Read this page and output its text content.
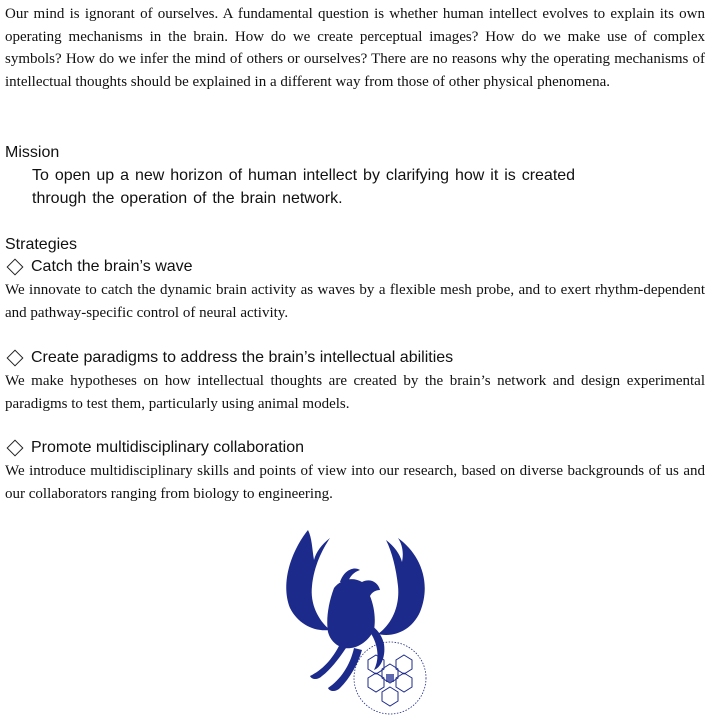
Our mind is ignorant of ourselves. A fundamental question is whether human intellect evolves to explain its own operating mechanisms in the brain. How do we create perceptual images? How do we make use of complex symbols? How do we infer the mind of others or ourselves? There are no reasons why the operating mechanisms of intellectual thoughts should be explained in a different way from those of other physical phenomena.
Mission
To open up a new horizon of human intellect by clarifying how it is created through the operation of the brain network.
Strategies
Catch the brain’s wave
We innovate to catch the dynamic brain activity as waves by a flexible mesh probe, and to exert rhythm-dependent and pathway-specific control of neural activity.
Create paradigms to address the brain’s intellectual abilities
We make hypotheses on how intellectual thoughts are created by the brain’s network and design experimental paradigms to test them, particularly using animal models.
Promote multidisciplinary collaboration
We introduce multidisciplinary skills and points of view into our research, based on diverse backgrounds of us and our collaborators ranging from biology to engineering.
